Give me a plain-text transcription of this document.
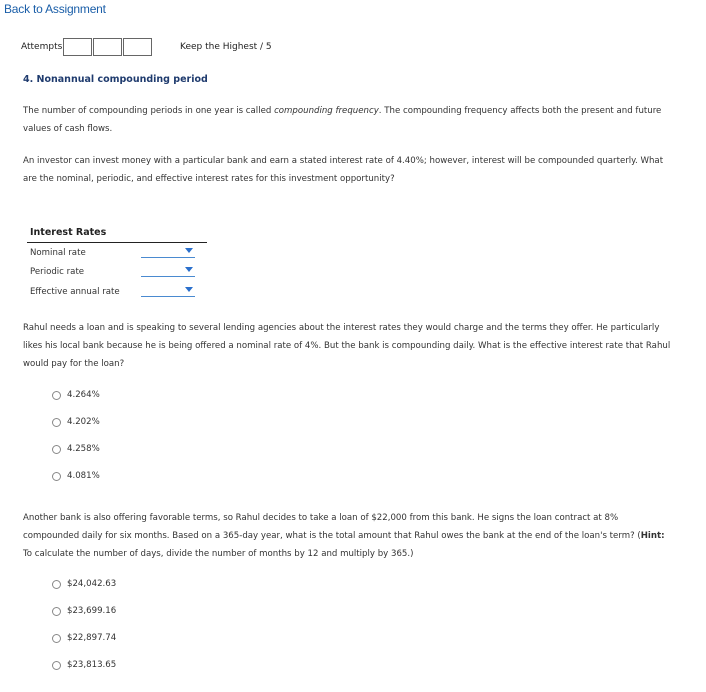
Back to Assignment
Attempts	Keep the Highest / 5
4. Nonannual compounding period
The number of compounding periods in one year is called compounding frequency. The compounding frequency affects both the present and future
values of cash flows.
An investor can invest money with a particular bank and earn a stated interest rate of 4.40%; however, interest will be compounded quarterly. What
are the nominal, periodic, and effective interest rates for this investment opportunity?
Interest Rates
Nominal rate
Periodic rate
Effective annual rate
Rahul needs a loan and is speaking to several lending agencies about the interest rates they would charge and the terms they offer. He particularly
likes his local bank because he is being offered a nominal rate of 4%. But the bank is compounding daily. What is the effective interest rate that Rahul
would pay for the loan?
4.264%
4.202%
4.258%
4.081%
Another bank is also offering favorable terms, so Rahul decides to take a loan of $22,000 from this bank. He signs the loan contract at 8%
compounded daily for six months. Based on a 365-day year, what is the total amount that Rahul owes the bank at the end of the loan's term? (Hint:
To calculate the number of days, divide the number of months by 12 and multiply by 365.)
$24,042.63
$23,699.16
$22,897.74
$23,813.65
